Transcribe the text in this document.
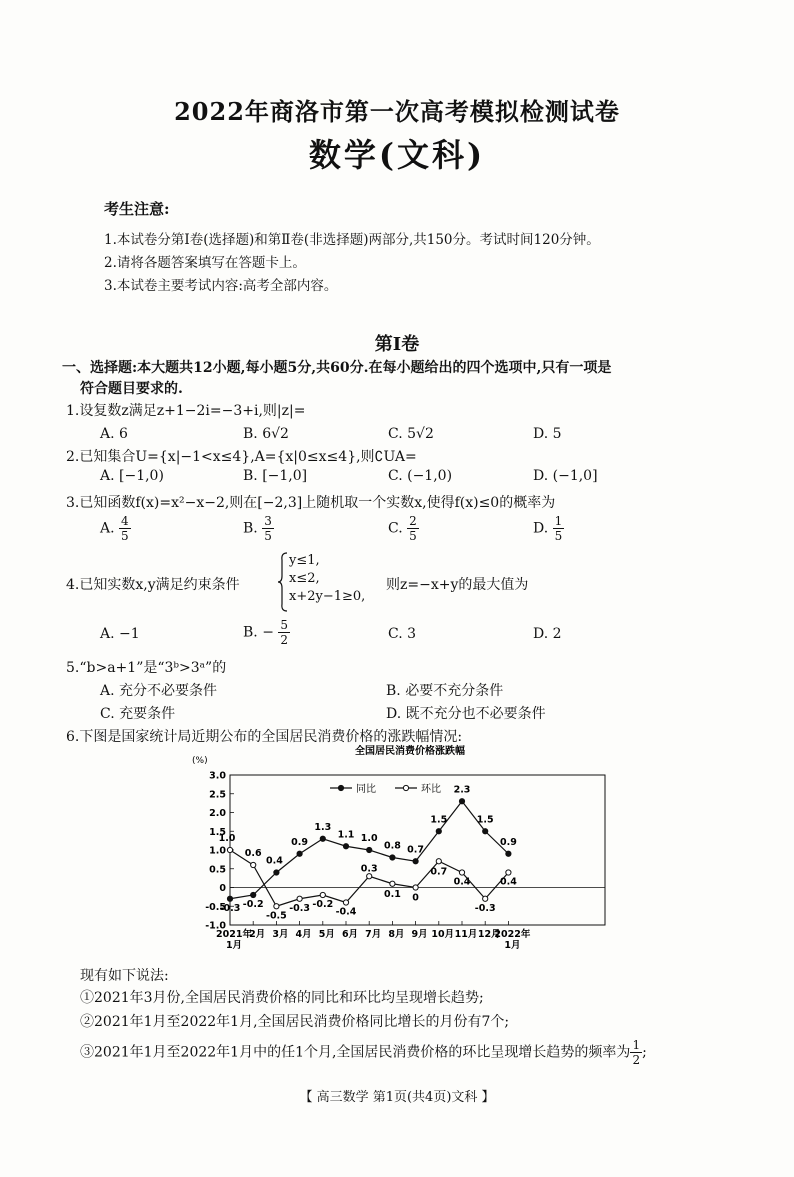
2022年商洛市第一次高考模拟检测试卷
数学(文科)
考生注意:
1.本试卷分第Ⅰ卷(选择题)和第Ⅱ卷(非选择题)两部分,共150分。考试时间120分钟。
2.请将各题答案填写在答题卡上。
3.本试卷主要考试内容:高考全部内容。
第Ⅰ卷
一、选择题:本大题共12小题,每小题5分,共60分.在每小题给出的四个选项中,只有一项是
符合题目要求的.
1.设复数z满足z+1−2i=−3+i,则|z|=
A. 6	B. 6√2	C. 5√2	D. 5
2.已知集合U={x|−1<x≤4},A={x|0≤x≤4},则∁UA=
A. [−1,0)	B. [−1,0]	C. (−1,0)	D. (−1,0]
3.已知函数f(x)=x²−x−2,则在[−2,3]上随机取一个实数x,使得f(x)≤0的概率为
A. $\frac{4}{5}$	B. $\frac{3}{5}$	C. $\frac{2}{5}$	D. $\frac{1}{5}$
4.已知实数x,y满足约束条件
y≤1,
x≤2,
x+2y−1≥0,
则z=−x+y的最大值为
A. −1	B. − $\frac{5}{2}$	C. 3	D. 2
5.“b>a+1”是“3ᵇ>3ᵃ”的
A. 充分不必要条件	B. 必要不充分条件
C. 充要条件	D. 既不充分也不必要条件
6.下图是国家统计局近期公布的全国居民消费价格的涨跌幅情况:
全国居民消费价格涨跌幅
(%)
3.0
2.5
2.0
1.5
1.0
0.5
0
-0.5
-1.0
2021年
1月
2月 3月 4月 5月 6月 7月 8月 9月 10月 11月 12月
2022年
1月
同比	环比
-0.3 -0.2
0.4
0.9
1.3
1.1 1.0
0.8 0.7
1.5
2.3
1.5
0.9
1.0
0.6
-0.5
-0.3 -0.2
-0.4
0.3
0.1 0
0.7
0.4
-0.3
0.4
现有如下说法:
①2021年3月份,全国居民消费价格的同比和环比均呈现增长趋势;
②2021年1月至2022年1月,全国居民消费价格同比增长的月份有7个;
③2021年1月至2022年1月中的任1个月,全国居民消费价格的环比呈现增长趋势的频率为 $\frac{1}{2}$ ;
【 高三数学 第1页(共4页)文科 】
